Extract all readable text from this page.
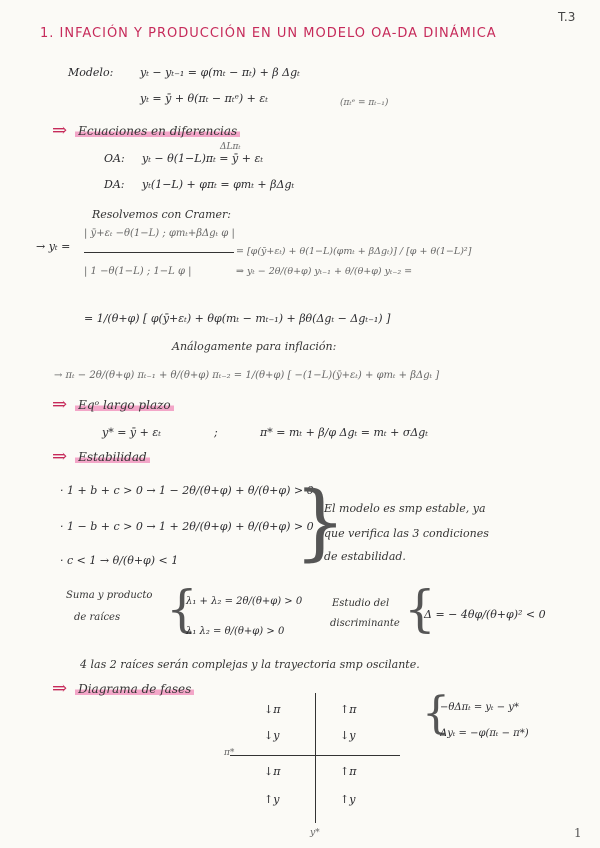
1. INFACIÓN Y PRODUCCIÓN EN UN MODELO OA-DA DINÁMICA
T.3
Modelo: yₜ − yₜ₋₁ = φ(mₜ − πₜ) + β Δgₜ
yₜ = ȳ + θ(πₜ − πₜᵉ) + εₜ	(πₜᵉ = πₜ₋₁)
⇒ Ecuaciones en diferencias
ΔLπₜ
OA: yₜ − θ(1−L)πₜ = ȳ + εₜ
DA: yₜ(1−L) + φπₜ = φmₜ + βΔgₜ
Resolvemos con Cramer:
→ yₜ =
| ȳ+εₜ −θ(1−L) ; φmₜ+βΔgₜ φ |
| 1 −θ(1−L) ; 1−L φ |
= [φ(ȳ+εₜ) + θ(1−L)(φmₜ + βΔgₜ)] / [φ + θ(1−L)²]
⇒ yₜ − 2θ/(θ+φ) yₜ₋₁ + θ/(θ+φ) yₜ₋₂ =
= 1/(θ+φ) [ φ(ȳ+εₜ) + θφ(mₜ − mₜ₋₁) + βθ(Δgₜ − Δgₜ₋₁) ]
Análogamente para inflación:
→ πₜ − 2θ/(θ+φ) πₜ₋₁ + θ/(θ+φ) πₜ₋₂ = 1/(θ+φ) [ −(1−L)(ȳ+εₜ) + φmₜ + βΔgₜ ]
⇒ Eqᵒ largo plazo
y* = ȳ + εₜ	;	π* = mₜ + β/φ Δgₜ = mₜ + σΔgₜ
⇒ Estabilidad
· 1 + b + c > 0 → 1 − 2θ/(θ+φ) + θ/(θ+φ) > 0
· 1 − b + c > 0 → 1 + 2θ/(θ+φ) + θ/(θ+φ) > 0
· c < 1 → θ/(θ+φ) < 1 }
El modelo es smp estable, ya
que verifica las 3 condiciones
de estabilidad.
Suma y producto
de raíces {
λ₁ + λ₂ = 2θ/(θ+φ) > 0
λ₁ λ₂ = θ/(θ+φ) > 0
Estudio del
discriminante {
Δ = − 4θφ/(θ+φ)² < 0
4 las 2 raíces serán complejas y la trayectoria smp oscilante.
⇒ Diagrama de fases
↓π	↑π
↓y	↓y
↓π	↑π
↑y	↑y
π*
y*
{
−θΔπₜ = yₜ − y*
Δyₜ = −φ(πₜ − π*)
1
